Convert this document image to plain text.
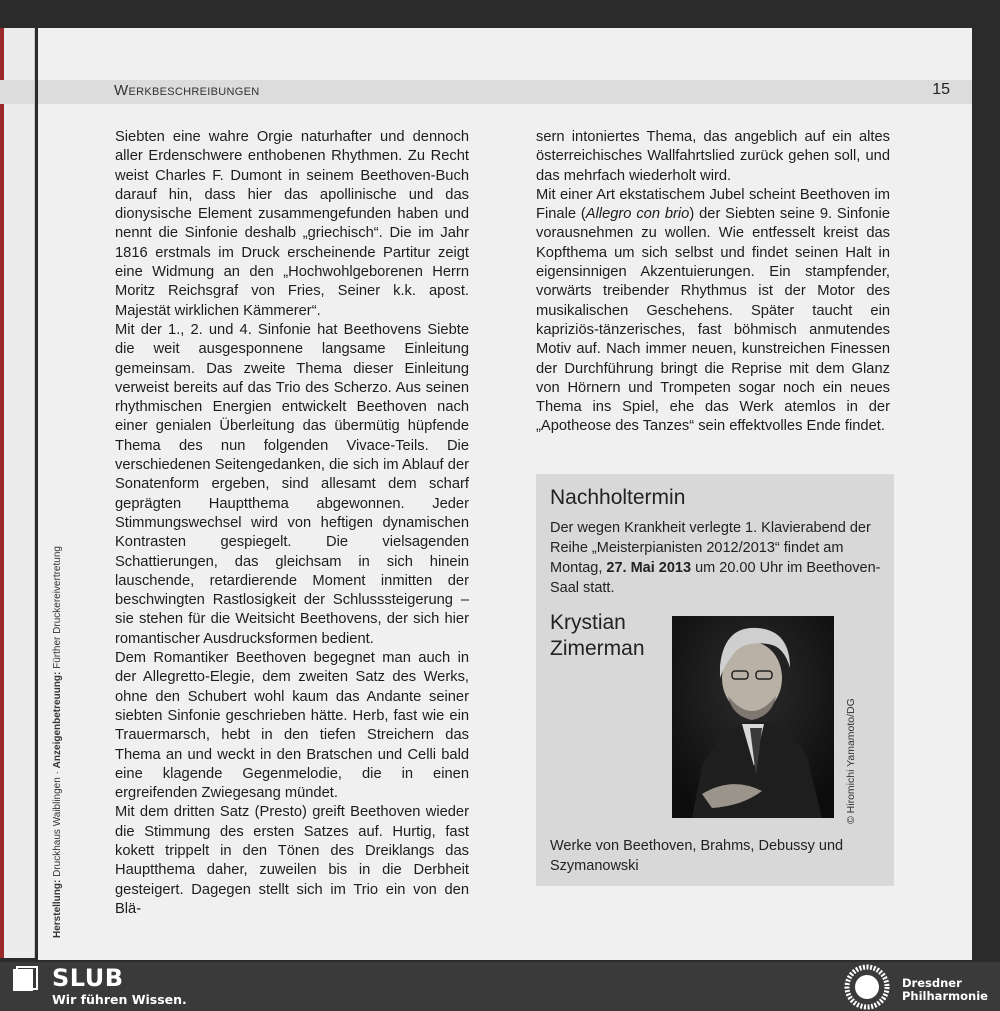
Werkbeschreibungen	15
Herstellung: Druckhaus Waiblingen · Anzeigenbetreuung: Fürther Druckereivertretung

Siebten eine wahre Orgie naturhafter und dennoch aller Erdenschwere enthobenen Rhythmen. Zu Recht weist Charles F. Dumont in seinem Beethoven-Buch darauf hin, dass hier das apollinische und das dionysische Element zusammengefunden haben und nennt die Sinfonie deshalb „griechisch“. Die im Jahr 1816 erstmals im Druck erscheinende Partitur zeigt eine Widmung an den „Hochwohlgeborenen Herrn Moritz Reichsgraf von Fries, Seiner k.k. apost. Majestät wirklichen Kämmerer“.

Mit der 1., 2. und 4. Sinfonie hat Beethovens Siebte die weit ausgesponnene langsame Einleitung gemeinsam. Das zweite Thema dieser Einleitung verweist bereits auf das Trio des Scherzo. Aus seinen rhythmischen Energien entwickelt Beethoven nach einer genialen Überleitung das übermütig hüpfende Thema des nun folgenden Vivace-Teils. Die verschiedenen Seitengedanken, die sich im Ablauf der Sonatenform ergeben, sind allesamt dem scharf geprägten Hauptthema abgewonnen. Jeder Stimmungswechsel wird von heftigen dynamischen Kontrasten gespiegelt. Die vielsagenden Schattierungen, das gleichsam in sich hinein lauschende, retardierende Moment inmitten der beschwingten Rastlosigkeit der Schlusssteigerung – sie stehen für die Weitsicht Beethovens, der sich hier romantischer Ausdrucksformen bedient.

Dem Romantiker Beethoven begegnet man auch in der Allegretto-Elegie, dem zweiten Satz des Werks, ohne den Schubert wohl kaum das Andante seiner siebten Sinfonie geschrieben hätte. Herb, fast wie ein Trauermarsch, hebt in den tiefen Streichern das Thema an und weckt in den Bratschen und Celli bald eine klagende Gegenmelodie, die in einen ergreifenden Zwiegesang mündet.

Mit dem dritten Satz (Presto) greift Beethoven wieder die Stimmung des ersten Satzes auf. Hurtig, fast kokett trippelt in den Tönen des Dreiklangs das Hauptthema daher, zuweilen bis in die Derbheit gesteigert. Dagegen stellt sich im Trio ein von den Blä-

sern intoniertes Thema, das angeblich auf ein altes österreichisches Wallfahrtslied zurück gehen soll, und das mehrfach wiederholt wird.

Mit einer Art ekstatischem Jubel scheint Beethoven im Finale (Allegro con brio) der Siebten seine 9. Sinfonie vorausnehmen zu wollen. Wie entfesselt kreist das Kopfthema um sich selbst und findet seinen Halt in eigensinnigen Akzentuierungen. Ein stampfender, vorwärts treibender Rhythmus ist der Motor des musikalischen Geschehens. Später taucht ein kapriziös-tänzerisches, fast böhmisch anmutendes Motiv auf. Nach immer neuen, kunstreichen Finessen der Durchführung bringt die Reprise mit dem Glanz von Hörnern und Trompeten sogar noch ein neues Thema ins Spiel, ehe das Werk atemlos in der „Apotheose des Tanzes“ sein effektvolles Ende findet.

Nachholtermin
Der wegen Krankheit verlegte 1. Klavierabend der Reihe „Meisterpianisten 2012/2013“ findet am Montag, 27. Mai 2013 um 20.00 Uhr im Beethoven-Saal statt.
Krystian
Zimerman
© Hiromichi Yamamoto/DG
Werke von Beethoven, Brahms, Debussy und Szymanowski
SLUB
Wir führen Wissen.
Dresdner
Philharmonie
